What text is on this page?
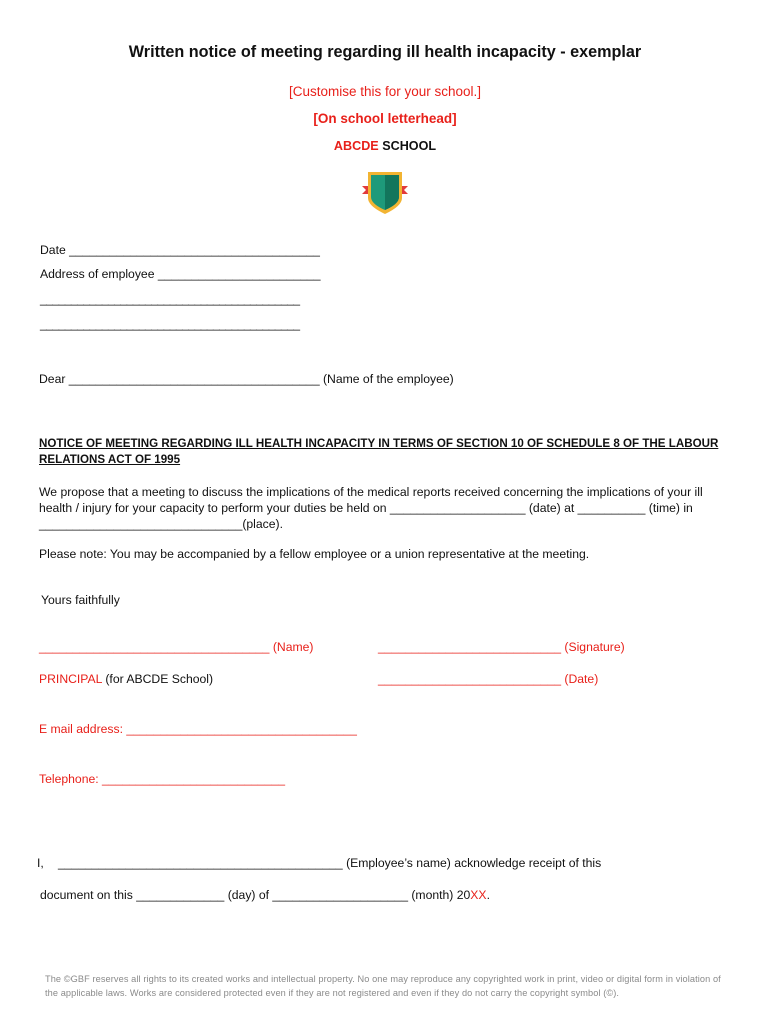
Written notice of meeting regarding ill health incapacity - exemplar
[Customise this for your school.]
[On school letterhead]
ABCDE SCHOOL
Date _____________________________________
Address of employee ________________________
__________________________________________
__________________________________________
Dear _____________________________________ (Name of the employee)
NOTICE OF MEETING REGARDING ILL HEALTH INCAPACITY IN TERMS OF SECTION 10 OF SCHEDULE 8 OF THE LABOUR RELATIONS ACT OF 1995
We propose that a meeting to discuss the implications of the medical reports received concerning the implications of your ill health / injury for your capacity to perform your duties be held on ____________________ (date) at __________ (time) in ______________________________(place).
Please note: You may be accompanied by a fellow employee or a union representative at the meeting.
Yours faithfully
__________________________________ (Name)	___________________________ (Signature)
PRINCIPAL (for ABCDE School)	___________________________ (Date)
E mail address: __________________________________
Telephone: ___________________________
I, __________________________________________ (Employee’s name) acknowledge receipt of this
document on this _____________ (day) of ____________________ (month) 20XX.
The ©GBF reserves all rights to its created works and intellectual property. No one may reproduce any copyrighted work in print, video or digital form in violation of the applicable laws. Works are considered protected even if they are not registered and even if they do not carry the copyright symbol (©).
